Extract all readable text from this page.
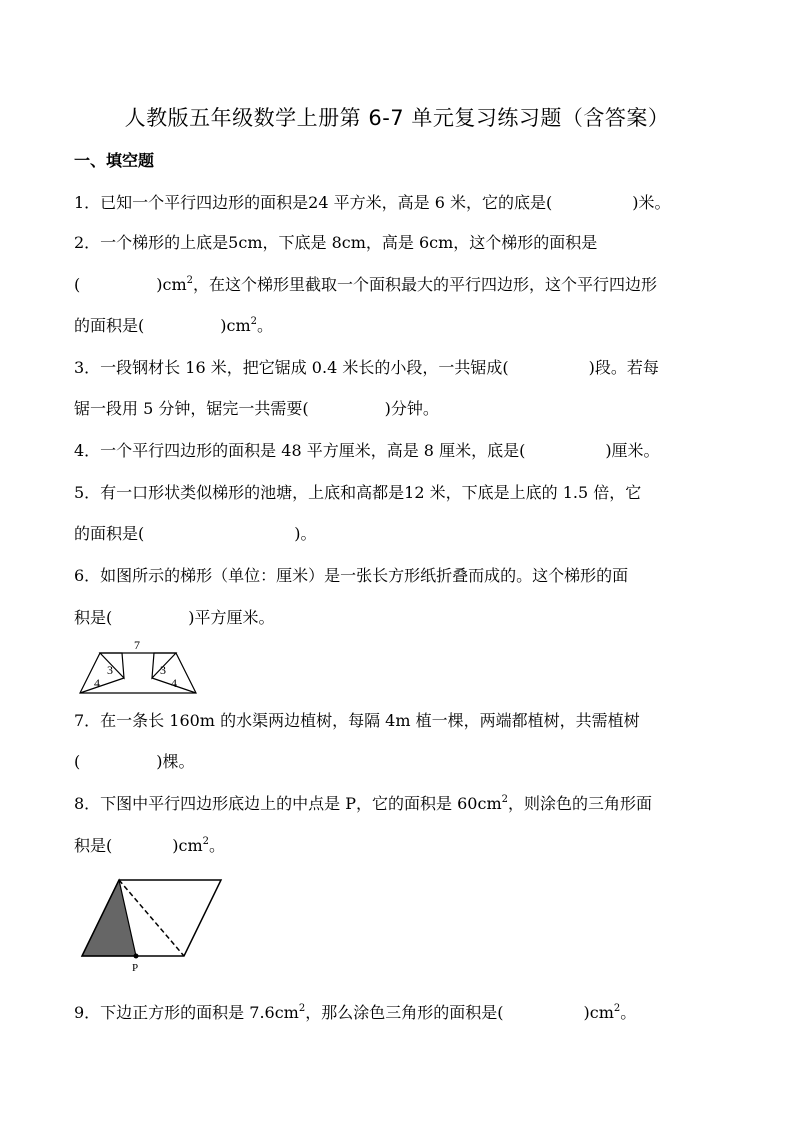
人教版五年级数学上册第 6-7 单元复习练习题（含答案）
一、填空题
1．已知一个平行四边形的面积是24 平方米，高是 6 米，它的底是(	)米。
2．一个梯形的上底是5cm，下底是 8cm，高是 6cm，这个梯形的面积是
(	)$cm^2$，在这个梯形里截取一个面积最大的平行四边形，这个平行四边形
的面积是(	)$cm^2$。
3．一段钢材长 16 米，把它锯成 0.4 米长的小段，一共锯成(	)段。若每
锯一段用 5 分钟，锯完一共需要(	)分钟。
4．一个平行四边形的面积是 48 平方厘米，高是 8 厘米，底是(	)厘米。
5．有一口形状类似梯形的池塘，上底和高都是12 米，下底是上底的 1.5 倍，它
的面积是(	)。
6．如图所示的梯形（单位：厘米）是一张长方形纸折叠而成的。这个梯形的面
积是(	)平方厘米。
7
3
4
3
4
7．在一条长 160m 的水渠两边植树，每隔 4m 植一棵，两端都植树，共需植树
(	)棵。
8．下图中平行四边形底边上的中点是 P，它的面积是 $60cm^2$，则涂色的三角形面
积是(	)$cm^2$。
P
9．下边正方形的面积是 $7.6cm^2$，那么涂色三角形的面积是(	)$cm^2$。
